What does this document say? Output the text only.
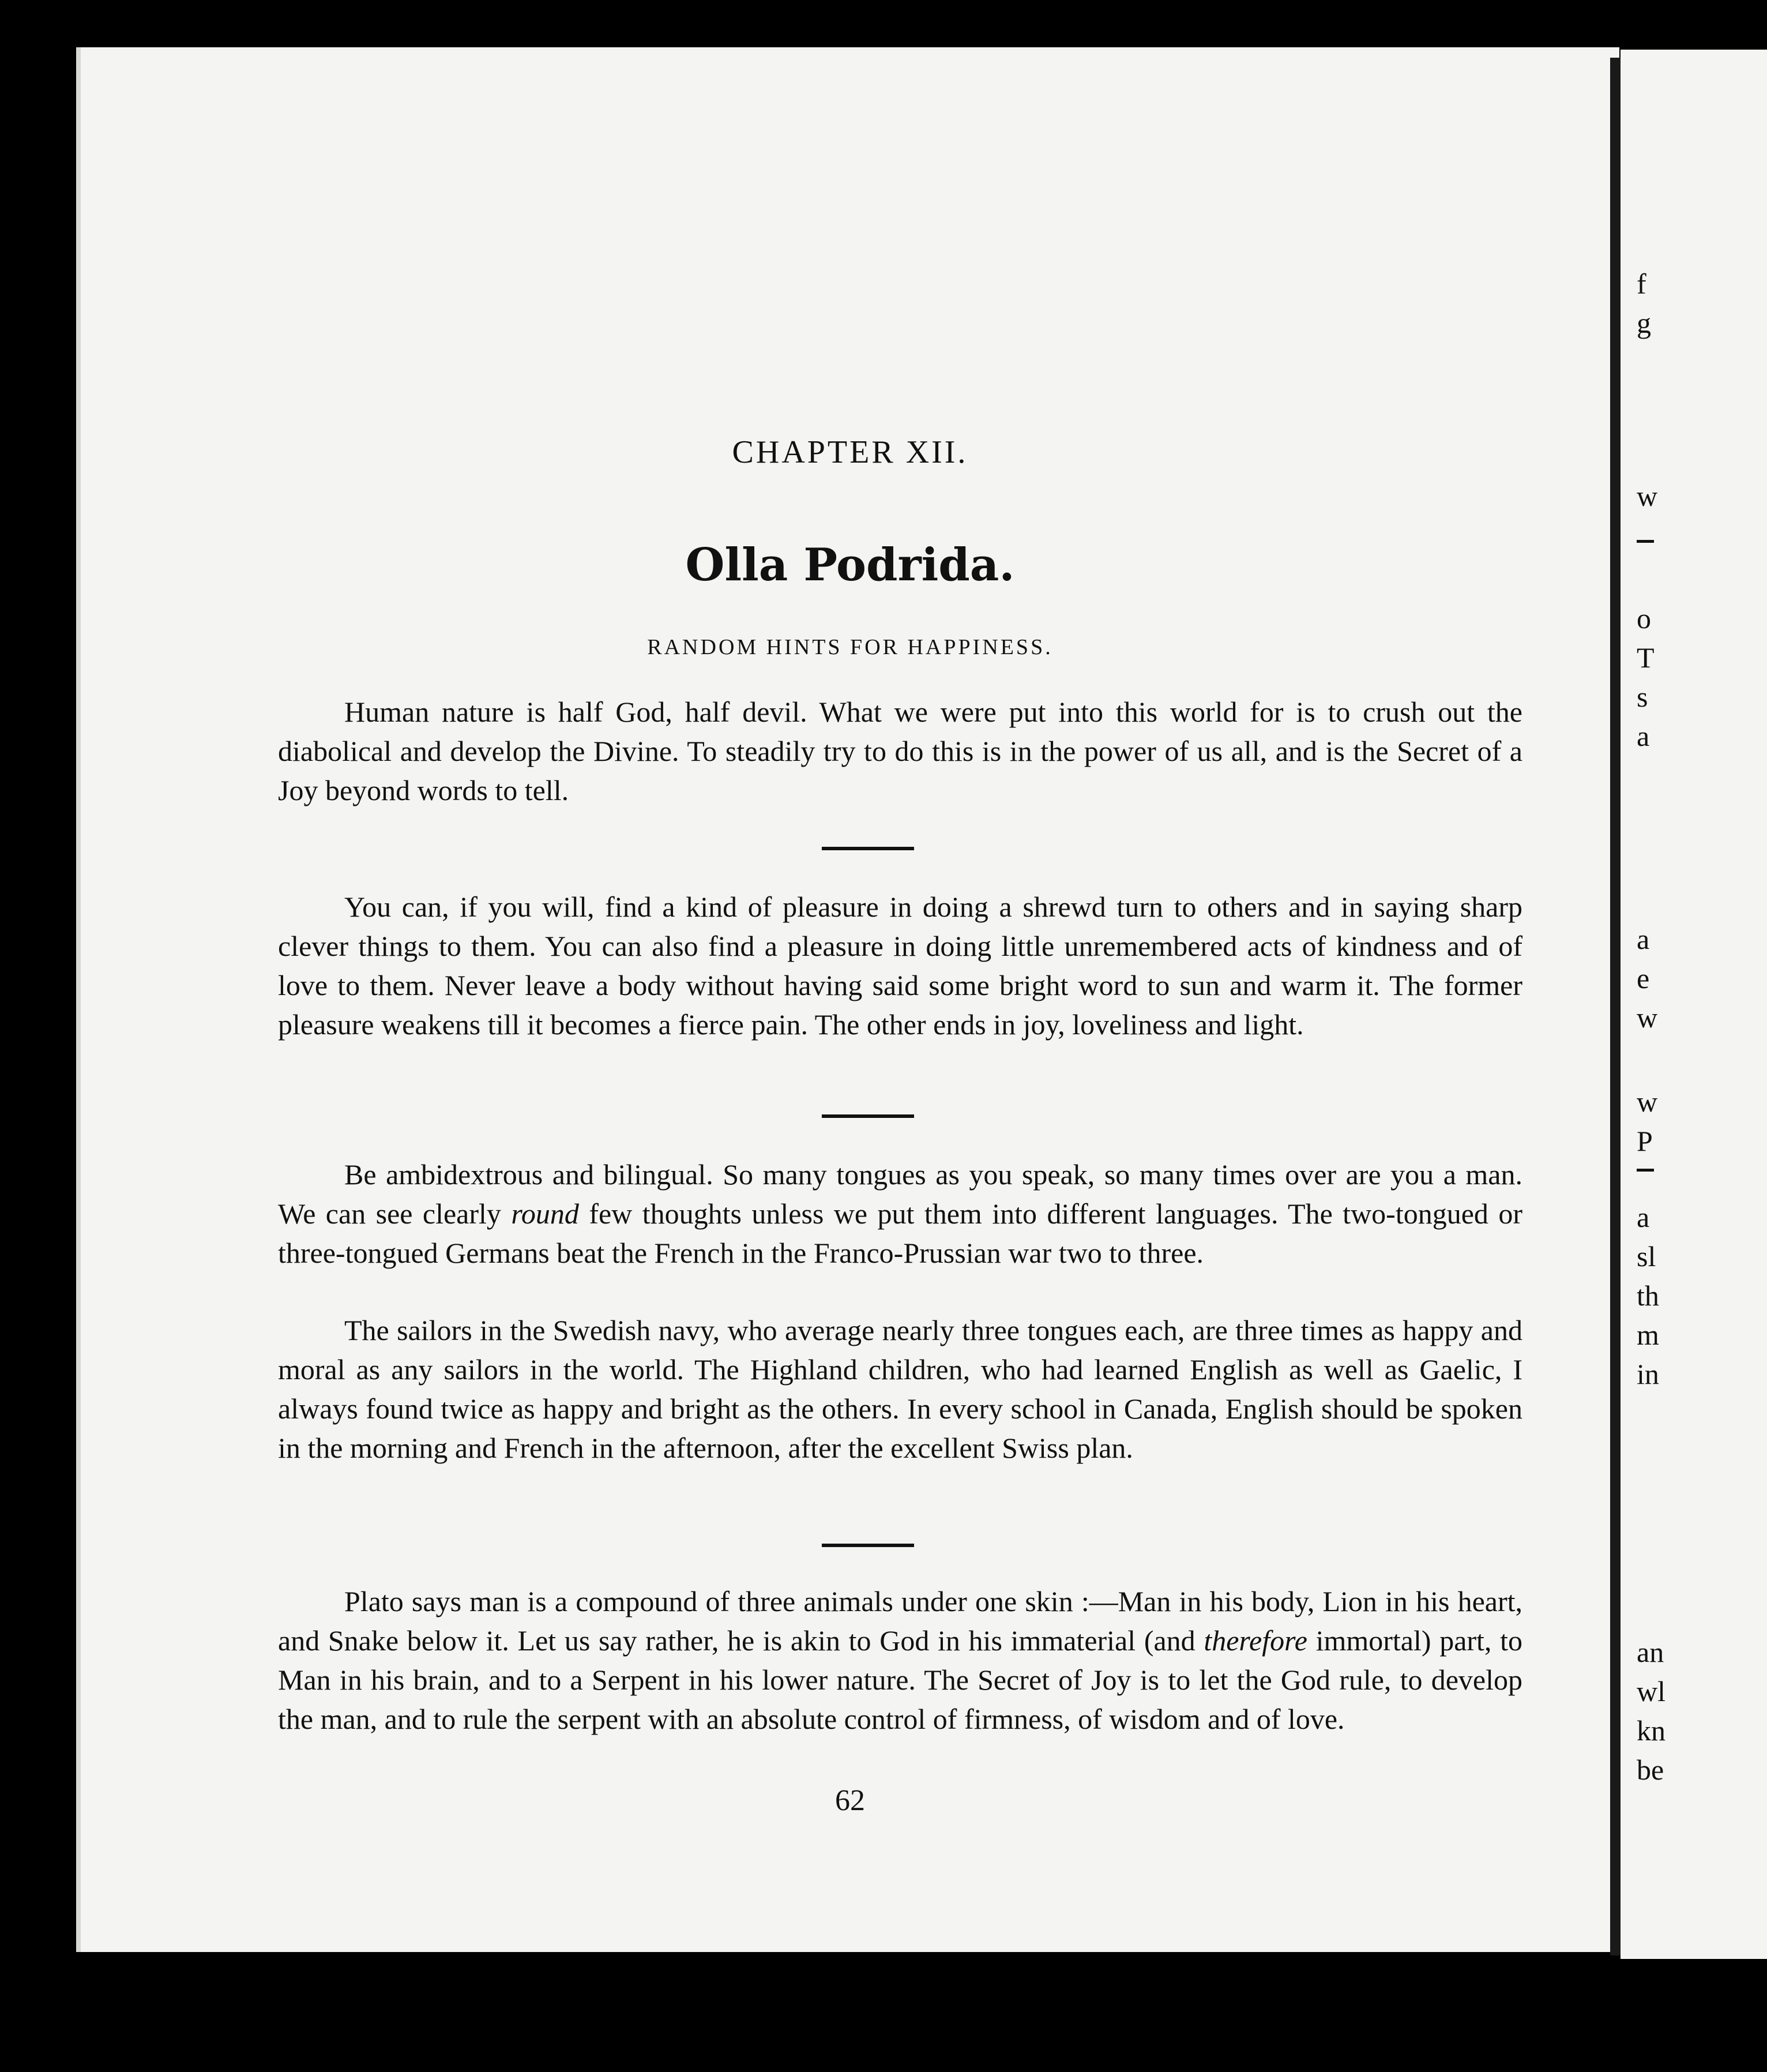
CHAPTER XII.
Olla Podrida.
RANDOM HINTS FOR HAPPINESS.

Human nature is half God, half devil. What we were put into this world for is to crush out the diabolical and develop the Divine. To steadily try to do this is in the power of us all, and is the Secret of a Joy beyond words to tell.

You can, if you will, find a kind of pleasure in doing a shrewd turn to others and in saying sharp clever things to them. You can also find a pleasure in doing little unremembered acts of kindness and of love to them. Never leave a body without having said some bright word to sun and warm it. The former pleasure weakens till it becomes a fierce pain. The other ends in joy, loveliness and light.

Be ambidextrous and bilingual. So many tongues as you speak, so many times over are you a man. We can see clearly round few thoughts unless we put them into different languages. The two-tongued or three-tongued Germans beat the French in the Franco-Prussian war two to three.

The sailors in the Swedish navy, who average nearly three tongues each, are three times as happy and moral as any sailors in the world. The Highland children, who had learned English as well as Gaelic, I always found twice as happy and bright as the others. In every school in Canada, English should be spoken in the morning and French in the afternoon, after the excellent Swiss plan.

Plato says man is a compound of three animals under one skin :—Man in his body, Lion in his heart, and Snake below it. Let us say rather, he is akin to God in his immaterial (and therefore immortal) part, to Man in his brain, and to a Serpent in his lower nature. The Secret of Joy is to let the God rule, to develop the man, and to rule the serpent with an absolute control of firmness, of wisdom and of love.

62
f
g
w
o
T
s
a
a
e
w
w
P
a
sl
th
m
in
an
wl
kn
be
